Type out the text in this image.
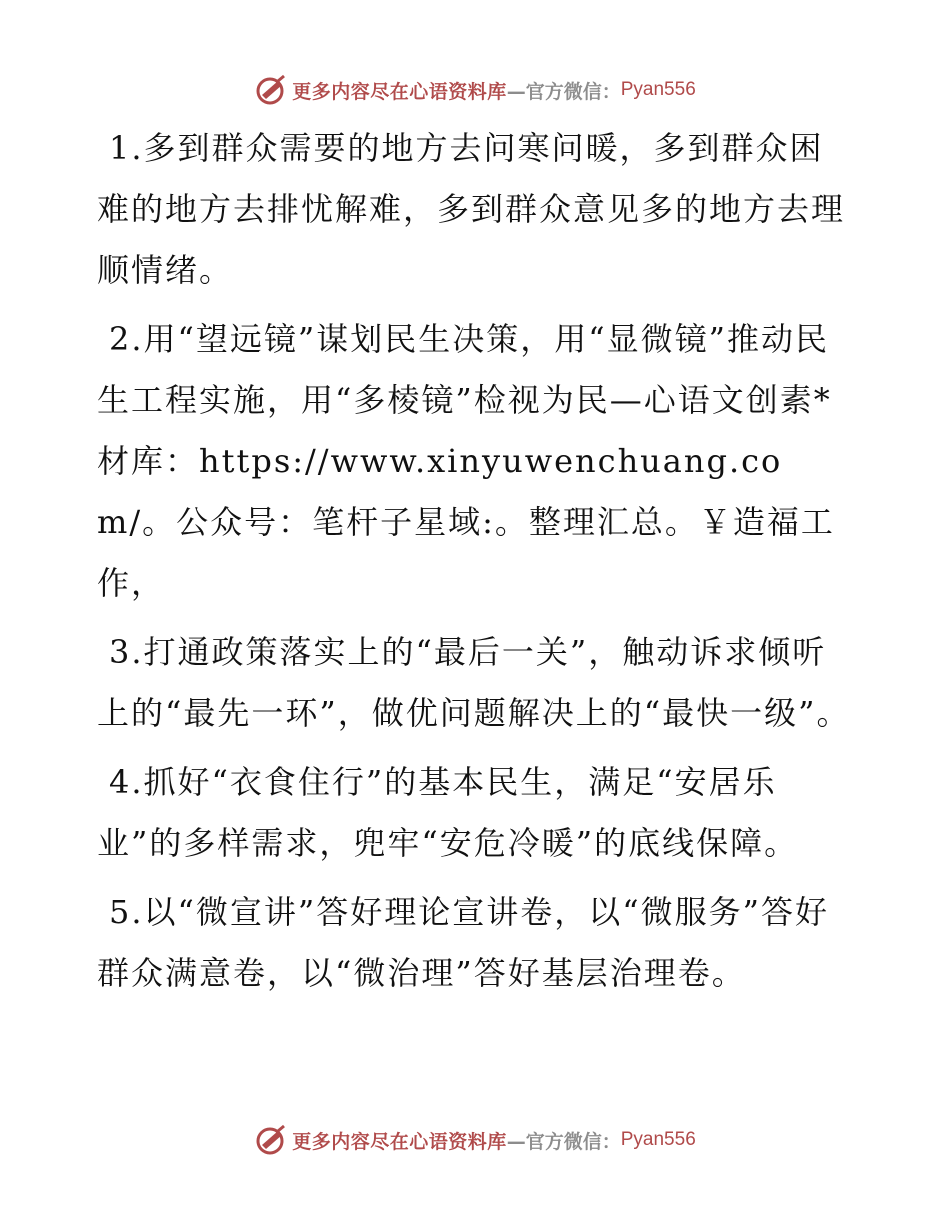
更多内容尽在心语资料库 —官方微信： Pyan556

1.多到群众需要的地方去问寒问暖，多到群众困难的地方去排忧解难，多到群众意见多的地方去理顺情绪。

2.用“望远镜”谋划民生决策，用“显微镜”推动民生工程实施，用“多棱镜”检视为民—心语文创素*材库：https://www.xinyuwenchuang.com/。公众号：笔杆子星域:。整理汇总。￥造福工作，

3.打通政策落实上的“最后一关”，触动诉求倾听上的“最先一环”，做优问题解决上的“最快一级”。

4.抓好“衣食住行”的基本民生，满足“安居乐业”的多样需求，兜牢“安危冷暖”的底线保障。

5.以“微宣讲”答好理论宣讲卷，以“微服务”答好群众满意卷，以“微治理”答好基层治理卷。

更多内容尽在心语资料库 —官方微信： Pyan556
